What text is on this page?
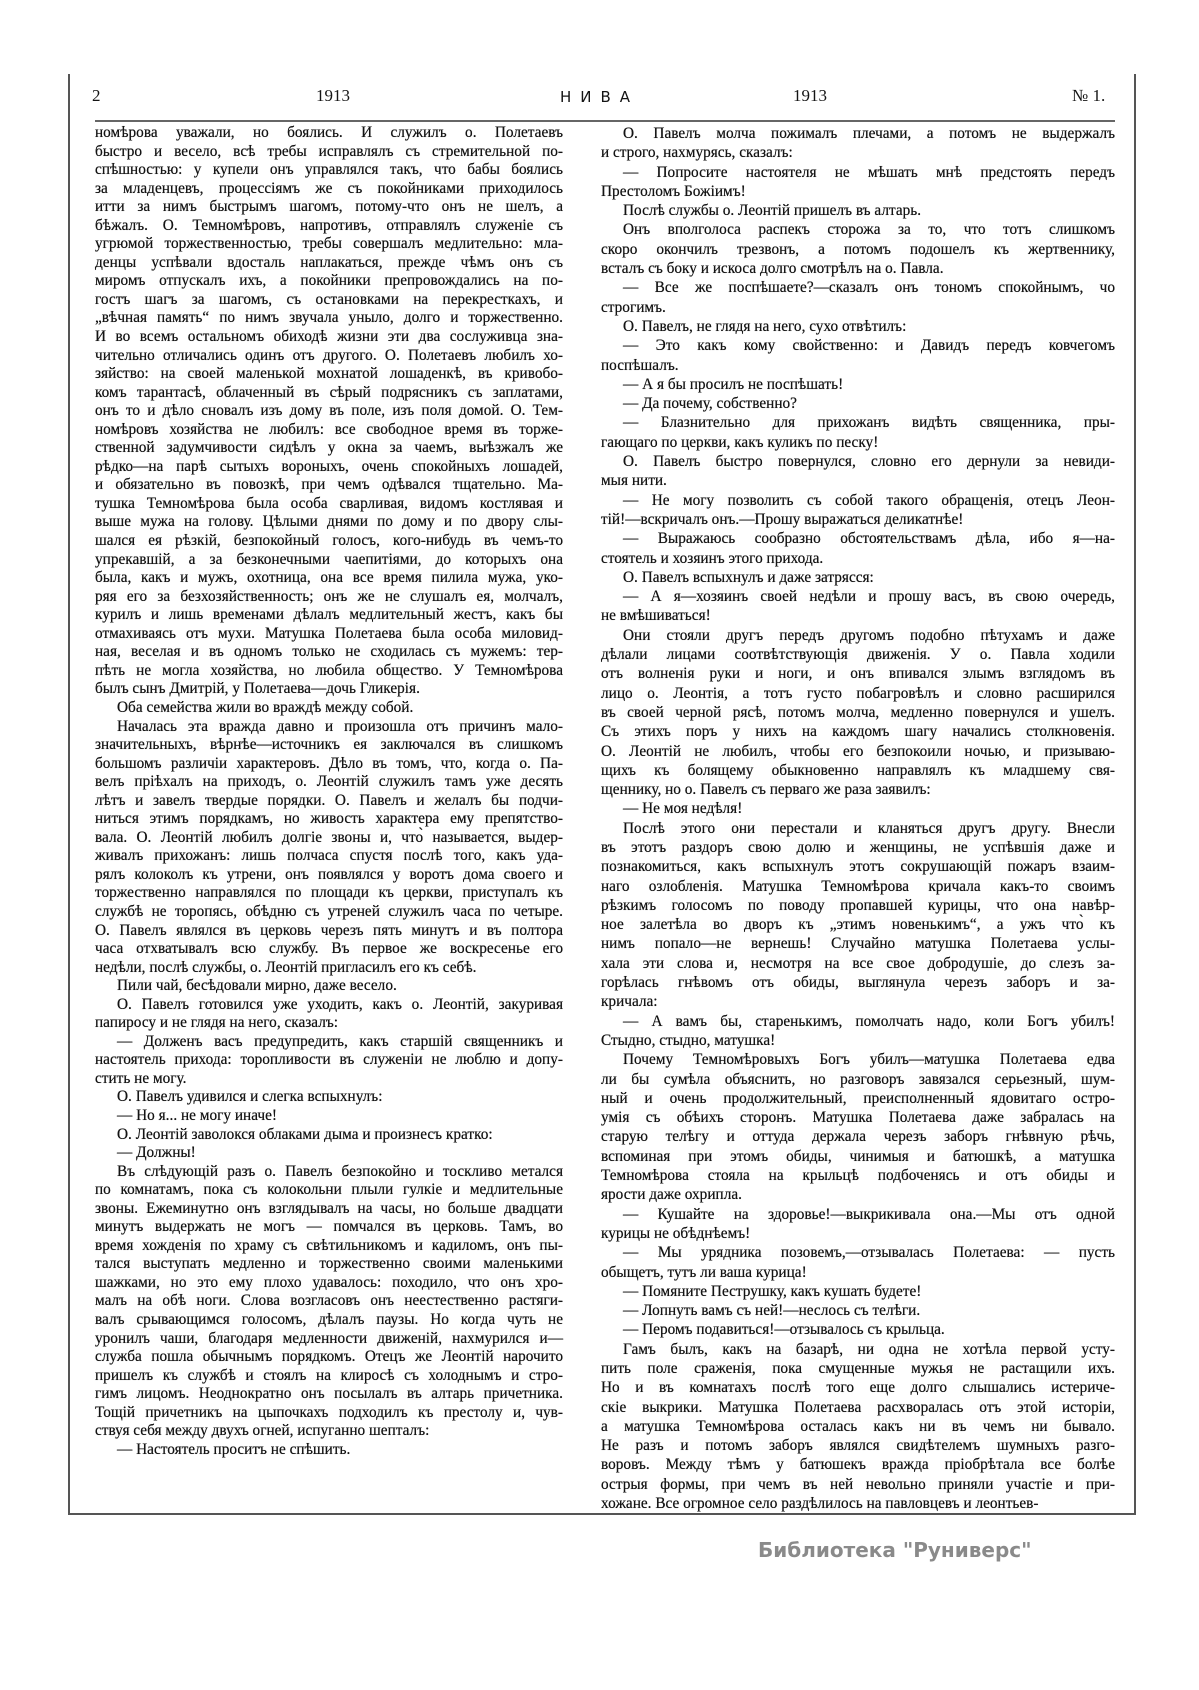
2	1913	НИВА	1913	№ 1.
номѣрова уважали, но боялись. И служилъ о. Полетаевъ
быстро и весело, всѣ требы исправлялъ съ стремительной по-
спѣшностью: у купели онъ управлялся такъ, что бабы боялись
за младенцевъ, процессіямъ же съ покойниками приходилось
итти за нимъ быстрымъ шагомъ, потому-что онъ не шелъ, а
бѣжалъ. О. Темномѣровъ, напротивъ, отправлялъ служеніе съ
угрюмой торжественностью, требы совершалъ медлительно: мла-
денцы успѣвали вдосталь наплакаться, прежде чѣмъ онъ съ
миромъ отпускалъ ихъ, а покойники препровождались на по-
гостъ шагъ за шагомъ, съ остановками на перекресткахъ, и
„вѣчная память“ по нимъ звучала уныло, долго и торжественно.
И во всемъ остальномъ обиходѣ жизни эти два сослуживца зна-
чительно отличались одинъ отъ другого. О. Полетаевъ любилъ хо-
зяйство: на своей маленькой мохнатой лошаденкѣ, въ кривобо-
комъ тарантасѣ, облаченный въ сѣрый подрясникъ съ заплатами,
онъ то и дѣло сновалъ изъ дому въ поле, изъ поля домой. О. Тем-
номѣровъ хозяйства не любилъ: все свободное время въ торже-
ственной задумчивости сидѣлъ у окна за чаемъ, выѣзжалъ же
рѣдко—на парѣ сытыхъ вороныхъ, очень спокойныхъ лошадей,
и обязательно въ повозкѣ, при чемъ одѣвался тщательно. Ма-
тушка Темномѣрова была особа сварливая, видомъ костлявая и
выше мужа на голову. Цѣлыми днями по дому и по двору слы-
шался ея рѣзкій, безпокойный голосъ, кого-нибудь въ чемъ-то
упрекавшій, а за безконечными чаепитіями, до которыхъ она
была, какъ и мужъ, охотница, она все время пилила мужа, уко-
ряя его за безхозяйственность; онъ же не слушалъ ея, молчалъ,
курилъ и лишь временами дѣлалъ медлительный жестъ, какъ бы
отмахиваясь отъ мухи. Матушка Полетаева была особа миловид-
ная, веселая и въ одномъ только не сходилась съ мужемъ: тер-
пѣть не могла хозяйства, но любила общество. У Темномѣрова
былъ сынъ Дмитрій, у Полетаева—дочь Гликерія.
Оба семейства жили во враждѣ между собой.
Началась эта вражда давно и произошла отъ причинъ мало-
значительныхъ, вѣрнѣе—источникъ ея заключался въ слишкомъ
большомъ различіи характеровъ. Дѣло въ томъ, что, когда о. Па-
велъ пріѣхалъ на приходъ, о. Леонтій служилъ тамъ уже десять
лѣтъ и завелъ твердые порядки. О. Павелъ и желалъ бы подчи-
ниться этимъ порядкамъ, но живость характера ему препятство-
вала. О. Леонтій любилъ долгіе звоны и, что̀ называется, выдер-
живалъ прихожанъ: лишь полчаса спустя послѣ того, какъ уда-
рялъ колоколъ къ утрени, онъ появлялся у воротъ дома своего и
торжественно направлялся по площади къ церкви, приступалъ къ
службѣ не торопясь, обѣдню съ утреней служилъ часа по четыре.
О. Павелъ являлся въ церковь черезъ пять минутъ и въ полтора
часа отхватывалъ всю службу. Въ первое же воскресенье его
недѣли, послѣ службы, о. Леонтій пригласилъ его къ себѣ.
Пили чай, бесѣдовали мирно, даже весело.
О. Павелъ готовился уже уходить, какъ о. Леонтій, закуривая
папиросу и не глядя на него, сказалъ:
— Долженъ васъ предупредить, какъ старшій священникъ и
настоятель прихода: торопливости въ служеніи не люблю и допу-
стить не могу.
О. Павелъ удивился и слегка вспыхнулъ:
— Но я... не могу иначе!
О. Леонтій заволокся облаками дыма и произнесъ кратко:
— Должны!
Въ слѣдующій разъ о. Павелъ безпокойно и тоскливо метался
по комнатамъ, пока съ колокольни плыли гулкіе и медлительные
звоны. Ежеминутно онъ взглядывалъ на часы, но больше двадцати
минутъ выдержать не могъ — помчался въ церковь. Тамъ, во
время хожденія по храму съ свѣтильникомъ и кадиломъ, онъ пы-
тался выступать медленно и торжественно своими маленькими
шажками, но это ему плохо удавалось: походило, что онъ хро-
малъ на обѣ ноги. Слова возгласовъ онъ неестественно растяги-
валъ срывающимся голосомъ, дѣлалъ паузы. Но когда чуть не
уронилъ чаши, благодаря медленности движеній, нахмурился и—
служба пошла обычнымъ порядкомъ. Отецъ же Леонтій нарочито
пришелъ къ службѣ и стоялъ на клиросѣ съ холоднымъ и стро-
гимъ лицомъ. Неоднократно онъ посылалъ въ алтарь причетника.
Тощій причетникъ на цыпочкахъ подходилъ къ престолу и, чув-
ствуя себя между двухъ огней, испуганно шепталъ:
— Настоятель проситъ не спѣшить.
О. Павелъ молча пожималъ плечами, а потомъ не выдержалъ
и строго, нахмурясь, сказалъ:
— Попросите настоятеля не мѣшать мнѣ предстоять передъ
Престоломъ Божіимъ!
Послѣ службы о. Леонтій пришелъ въ алтарь.
Онъ вполголоса распекъ сторожа за то, что тотъ слишкомъ
скоро окончилъ трезвонъ, а потомъ подошелъ къ жертвеннику,
всталъ съ боку и искоса долго смотрѣлъ на о. Павла.
— Все же поспѣшаете?—сказалъ онъ тономъ спокойнымъ, чо
строгимъ.
О. Павелъ, не глядя на него, сухо отвѣтилъ:
— Это какъ кому свойственно: и Давидъ передъ ковчегомъ
поспѣшалъ.
— А я бы просилъ не поспѣшать!
— Да почему, собственно?
— Блазнительно для прихожанъ видѣть священника, пры-
гающаго по церкви, какъ куликъ по песку!
О. Павелъ быстро повернулся, словно его дернули за невиди-
мыя нити.
— Не могу позволить съ собой такого обращенія, отецъ Леон-
тій!—вскричалъ онъ.—Прошу выражаться деликатнѣе!
— Выражаюсь сообразно обстоятельствамъ дѣла, ибо я—на-
стоятель и хозяинъ этого прихода.
О. Павелъ вспыхнулъ и даже затрясся:
— А я—хозяинъ своей недѣли и прошу васъ, въ свою очередь,
не вмѣшиваться!
Они стояли другъ передъ другомъ подобно пѣтухамъ и даже
дѣлали лицами соотвѣтствующія движенія. У о. Павла ходили
отъ волненія руки и ноги, и онъ впивался злымъ взглядомъ въ
лицо о. Леонтія, а тотъ густо побагровѣлъ и словно расширился
въ своей черной рясѣ, потомъ молча, медленно повернулся и ушелъ.
Съ этихъ поръ у нихъ на каждомъ шагу начались столкновенія.
О. Леонтій не любилъ, чтобы его безпокоили ночью, и призываю-
щихъ къ болящему обыкновенно направлялъ къ младшему свя-
щеннику, но о. Павелъ съ перваго же раза заявилъ:
— Не моя недѣля!
Послѣ этого они перестали и кланяться другъ другу. Внесли
въ этотъ раздоръ свою долю и женщины, не успѣвшія даже и
познакомиться, какъ вспыхнулъ этотъ сокрушающій пожаръ взаим-
наго озлобленія. Матушка Темномѣрова кричала какъ-то своимъ
рѣзкимъ голосомъ по поводу пропавшей курицы, что она навѣр-
ное залетѣла во дворъ къ „этимъ новенькимъ“, а ужъ что̀ къ
нимъ попало—не вернешь! Случайно матушка Полетаева услы-
хала эти слова и, несмотря на все свое добродушіе, до слезъ за-
горѣлась гнѣвомъ отъ обиды, выглянула черезъ заборъ и за-
кричала:
— А вамъ бы, старенькимъ, помолчать надо, коли Богъ убилъ!
Стыдно, стыдно, матушка!
Почему Темномѣровыхъ Богъ убилъ—матушка Полетаева едва
ли бы сумѣла объяснить, но разговоръ завязался серьезный, шум-
ный и очень продолжительный, преисполненный ядовитаго остро-
умія съ обѣихъ сторонъ. Матушка Полетаева даже забралась на
старую телѣгу и оттуда держала черезъ заборъ гнѣвную рѣчь,
вспоминая при этомъ обиды, чинимыя и батюшкѣ, а матушка
Темномѣрова стояла на крыльцѣ подбоченясь и отъ обиды и
ярости даже охрипла.
— Кушайте на здоровье!—выкрикивала она.—Мы отъ одной
курицы не обѣднѣемъ!
— Мы урядника позовемъ,—отзывалась Полетаева: — пусть
обыщетъ, тутъ ли ваша курица!
— Помяните Пеструшку, какъ кушать будете!
— Лопнуть вамъ съ ней!—неслось съ телѣги.
— Перомъ подавиться!—отзывалось съ крыльца.
Гамъ былъ, какъ на базарѣ, ни одна не хотѣла первой усту-
пить поле сраженія, пока смущенные мужья не растащили ихъ.
Но и въ комнатахъ послѣ того еще долго слышались истериче-
скіе выкрики. Матушка Полетаева расхворалась отъ этой исторіи,
а матушка Темномѣрова осталась какъ ни въ чемъ ни бывало.
Не разъ и потомъ заборъ являлся свидѣтелемъ шумныхъ разго-
воровъ. Между тѣмъ у батюшекъ вражда пріобрѣтала все болѣе
острыя формы, при чемъ въ ней невольно приняли участіе и при-
хожане. Все огромное село раздѣлилось на павловцевъ и леонтьев-
Библиотека "Руниверс"
